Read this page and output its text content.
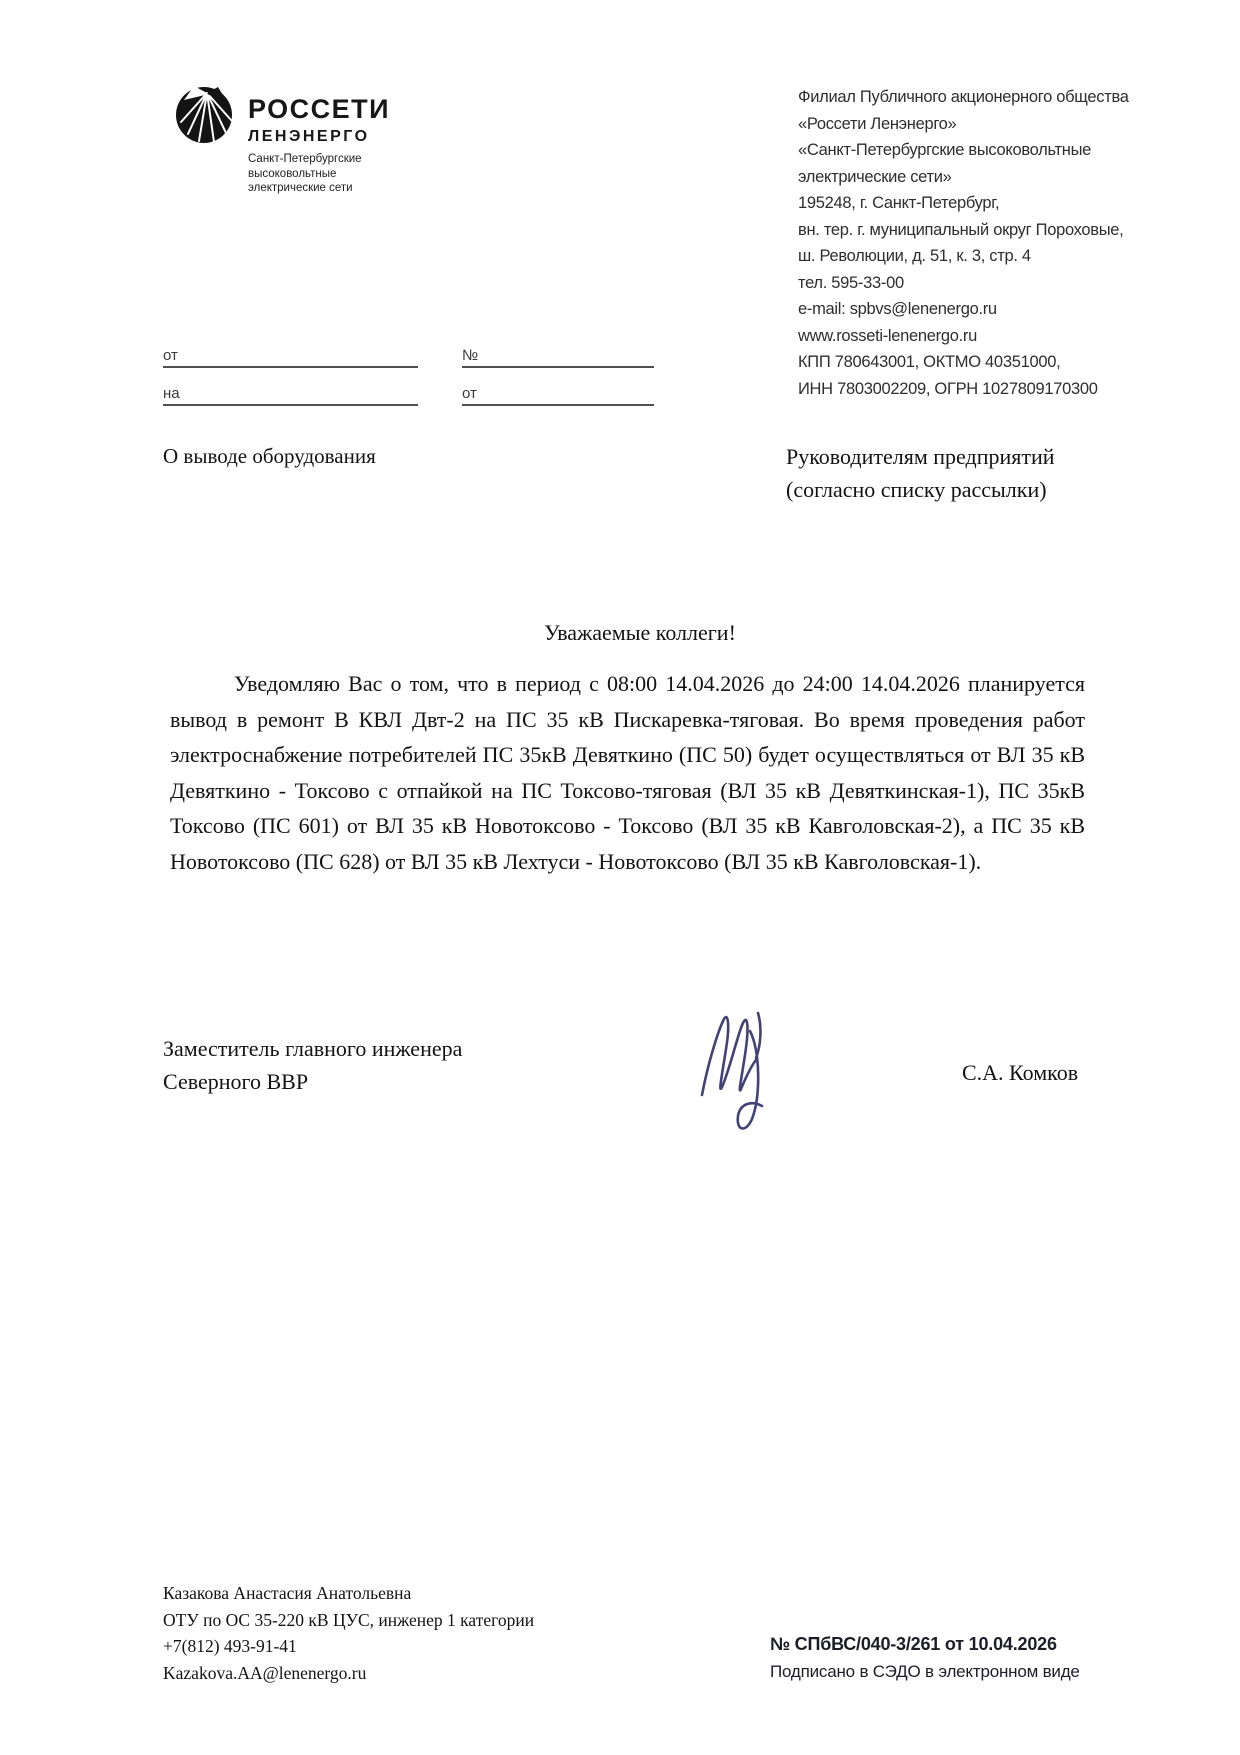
РОССЕТИ
ЛЕНЭНЕРГО
Санкт-Петербургские
высоковольтные
электрические сети
Филиал Публичного акционерного общества
«Россети Ленэнерго»
«Санкт-Петербургские высоковольтные
электрические сети»
195248, г. Санкт-Петербург,
вн. тер. г. муниципальный округ Пороховые,
ш. Революции, д. 51, к. 3, стр. 4
тел. 595-33-00
e-mail: spbvs@lenenergo.ru
www.rosseti-lenenergo.ru
КПП 780643001, ОКТМО 40351000,
ИНН 7803002209, ОГРН 1027809170300
от	№
на	от
О выводе оборудования	Руководителям предприятий
(согласно списку рассылки)
Уважаемые коллеги!
Уведомляю Вас о том, что в период с 08:00 14.04.2026 до 24:00 14.04.2026 планируется вывод в ремонт В КВЛ Двт-2 на ПС 35 кВ Пискаревка-тяговая. Во время проведения работ электроснабжение потребителей ПС 35кВ Девяткино (ПС 50) будет осуществляться от ВЛ 35 кВ Девяткино - Токсово с отпайкой на ПС Токсово-тяговая (ВЛ 35 кВ Девяткинская-1), ПС 35кВ Токсово (ПС 601) от ВЛ 35 кВ Новотоксово - Токсово (ВЛ 35 кВ Кавголовская-2), а ПС 35 кВ Новотоксово (ПС 628) от ВЛ 35 кВ Лехтуси - Новотоксово (ВЛ 35 кВ Кавголовская-1).
Заместитель главного инженера
Северного ВВР	С.А. Комков
Казакова Анастасия Анатольевна
ОТУ по ОС 35-220 кВ ЦУС, инженер 1 категории
+7(812) 493-91-41
Kazakova.AA@lenenergo.ru
№ СПбВС/040-3/261 от 10.04.2026
Подписано в СЭДО в электронном виде
